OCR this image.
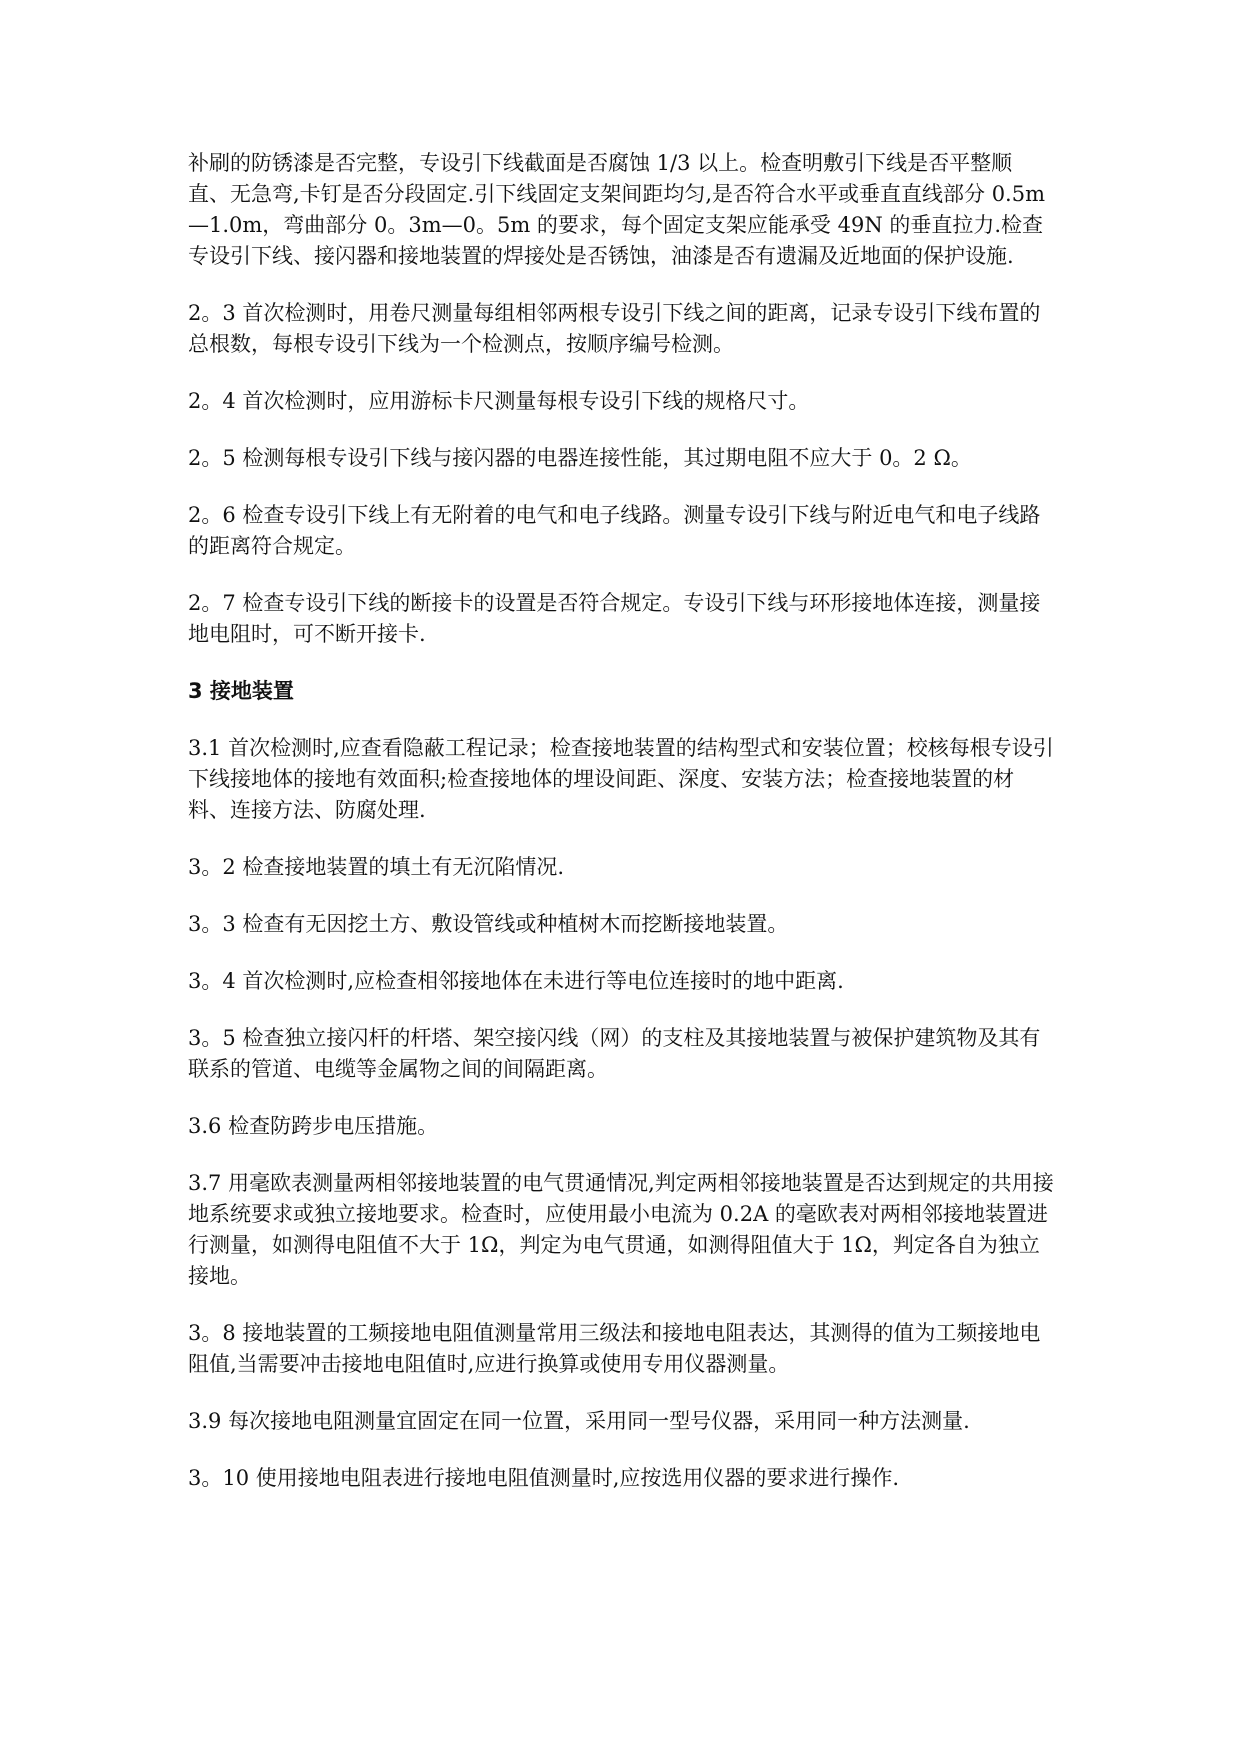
补刷的防锈漆是否完整，专设引下线截面是否腐蚀 1/3 以上。检查明敷引下线是否平整顺直、无急弯,卡钉是否分段固定.引下线固定支架间距均匀,是否符合水平或垂直直线部分 0.5m—1.0m，弯曲部分 0。3m—0。5m 的要求，每个固定支架应能承受 49N 的垂直拉力.检查专设引下线、接闪器和接地装置的焊接处是否锈蚀，油漆是否有遗漏及近地面的保护设施.

2。3 首次检测时，用卷尺测量每组相邻两根专设引下线之间的距离，记录专设引下线布置的总根数，每根专设引下线为一个检测点，按顺序编号检测。

2。4 首次检测时，应用游标卡尺测量每根专设引下线的规格尺寸。

2。5 检测每根专设引下线与接闪器的电器连接性能，其过期电阻不应大于 0。2 Ω。

2。6 检查专设引下线上有无附着的电气和电子线路。测量专设引下线与附近电气和电子线路的距离符合规定。

2。7 检查专设引下线的断接卡的设置是否符合规定。专设引下线与环形接地体连接，测量接地电阻时，可不断开接卡.

3 接地装置

3.1 首次检测时,应查看隐蔽工程记录；检查接地装置的结构型式和安装位置；校核每根专设引下线接地体的接地有效面积;检查接地体的埋设间距、深度、安装方法；检查接地装置的材料、连接方法、防腐处理.

3。2 检查接地装置的填土有无沉陷情况.

3。3 检查有无因挖土方、敷设管线或种植树木而挖断接地装置。

3。4 首次检测时,应检查相邻接地体在未进行等电位连接时的地中距离.

3。5 检查独立接闪杆的杆塔、架空接闪线（网）的支柱及其接地装置与被保护建筑物及其有联系的管道、电缆等金属物之间的间隔距离。

3.6 检查防跨步电压措施。

3.7 用毫欧表测量两相邻接地装置的电气贯通情况,判定两相邻接地装置是否达到规定的共用接地系统要求或独立接地要求。检查时，应使用最小电流为 0.2A 的毫欧表对两相邻接地装置进行测量，如测得电阻值不大于 1Ω，判定为电气贯通，如测得阻值大于 1Ω，判定各自为独立接地。

3。8 接地装置的工频接地电阻值测量常用三级法和接地电阻表达，其测得的值为工频接地电阻值,当需要冲击接地电阻值时,应进行换算或使用专用仪器测量。

3.9 每次接地电阻测量宜固定在同一位置，采用同一型号仪器，采用同一种方法测量.

3。10 使用接地电阻表进行接地电阻值测量时,应按选用仪器的要求进行操作.
